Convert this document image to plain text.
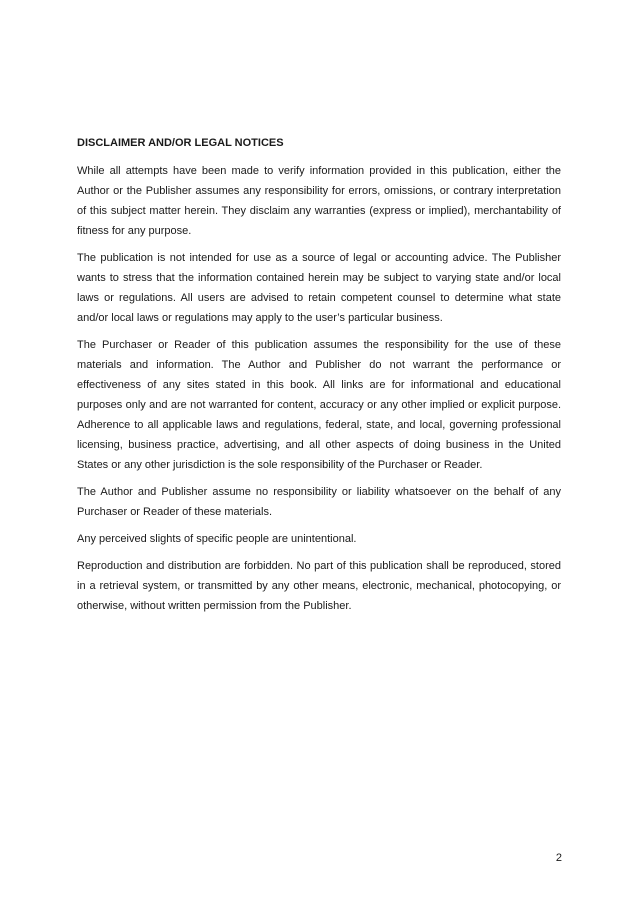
DISCLAIMER AND/OR LEGAL NOTICES

While all attempts have been made to verify information provided in this publication, either the Author or the Publisher assumes any responsibility for errors, omissions, or contrary interpretation of this subject matter herein. They disclaim any warranties (express or implied), merchantability of fitness for any purpose.

The publication is not intended for use as a source of legal or accounting advice. The Publisher wants to stress that the information contained herein may be subject to varying state and/or local laws or regulations. All users are advised to retain competent counsel to determine what state and/or local laws or regulations may apply to the user’s particular business.

The Purchaser or Reader of this publication assumes the responsibility for the use of these materials and information. The Author and Publisher do not warrant the performance or effectiveness of any sites stated in this book. All links are for informational and educational purposes only and are not warranted for content, accuracy or any other implied or explicit purpose. Adherence to all applicable laws and regulations, federal, state, and local, governing professional licensing, business practice, advertising, and all other aspects of doing business in the United States or any other jurisdiction is the sole responsibility of the Purchaser or Reader.

The Author and Publisher assume no responsibility or liability whatsoever on the behalf of any Purchaser or Reader of these materials.

Any perceived slights of specific people are unintentional.

Reproduction and distribution are forbidden. No part of this publication shall be reproduced, stored in a retrieval system, or transmitted by any other means, electronic, mechanical, photocopying, or otherwise, without written permission from the Publisher.

2
